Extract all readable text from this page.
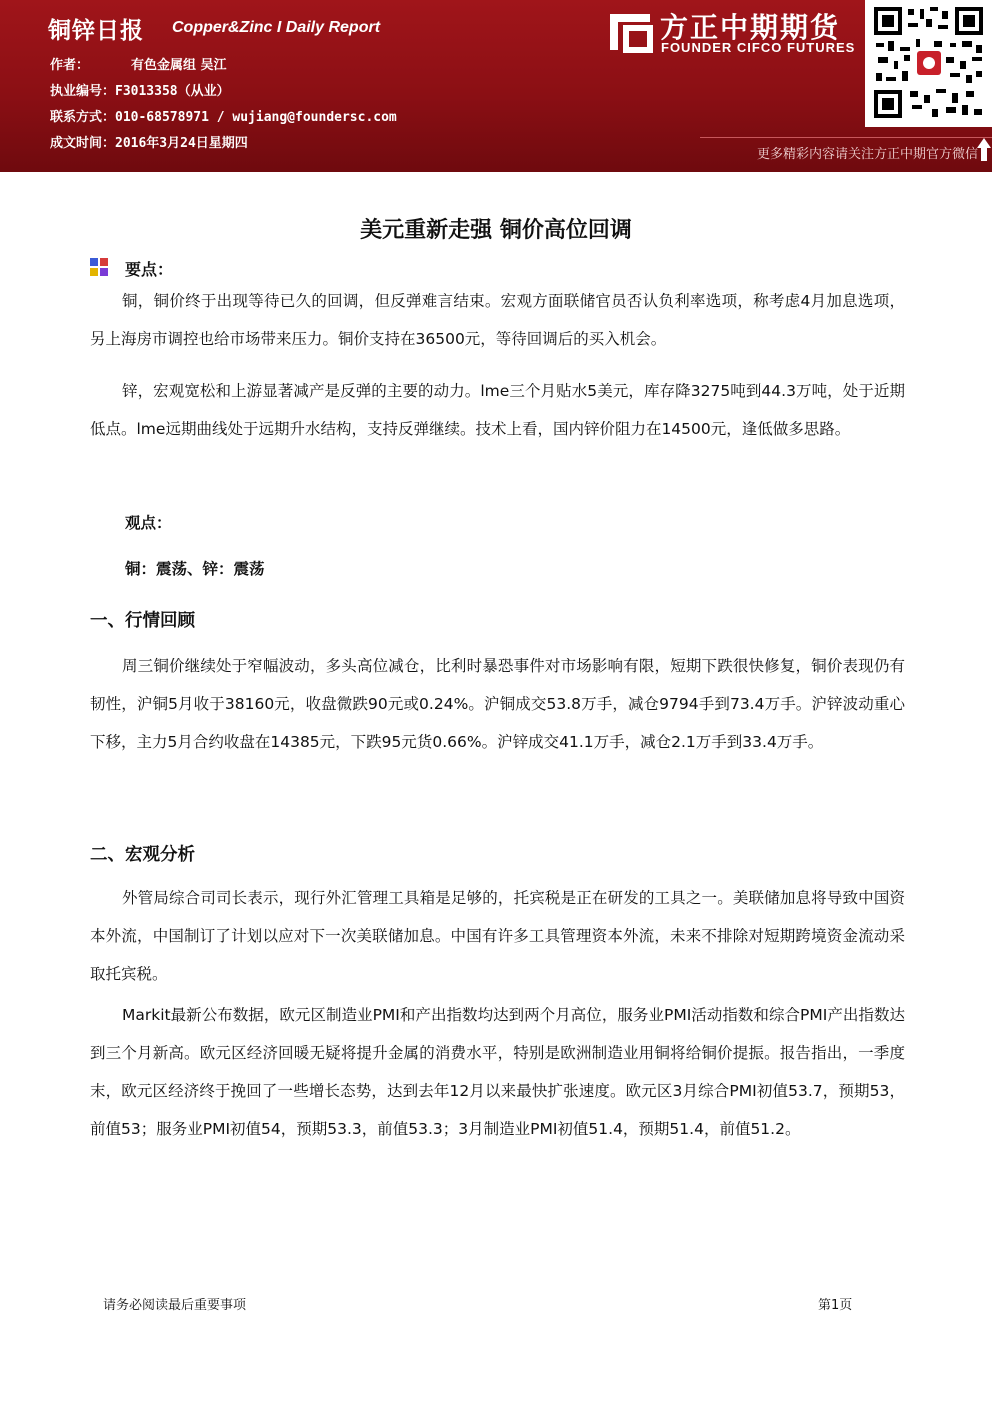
铜锌日报 Copper&Zinc I Daily Report
作者：	有色金属组 吴江
执业编号：F3013358（从业）
联系方式：010-68578971 / wujiang@foundersc.com
成文时间：2016年3月24日星期四
方正中期期货
FOUNDER CIFCO FUTURES
更多精彩内容请关注方正中期官方微信
美元重新走强 铜价高位回调
要点：

铜，铜价终于出现等待已久的回调，但反弹难言结束。宏观方面联储官员否认负利率选项，称考虑4月加息选项，另上海房市调控也给市场带来压力。铜价支持在36500元，等待回调后的买入机会。

锌，宏观宽松和上游显著减产是反弹的主要的动力。lme三个月贴水5美元，库存降3275吨到44.3万吨，处于近期低点。lme远期曲线处于远期升水结构，支持反弹继续。技术上看，国内锌价阻力在14500元，逢低做多思路。

观点：
铜：震荡、锌：震荡
一、行情回顾

周三铜价继续处于窄幅波动，多头高位减仓，比利时暴恐事件对市场影响有限，短期下跌很快修复，铜价表现仍有韧性，沪铜5月收于38160元，收盘微跌90元或0.24%。沪铜成交53.8万手，减仓9794手到73.4万手。沪锌波动重心下移，主力5月合约收盘在14385元，下跌95元货0.66%。沪锌成交41.1万手，减仓2.1万手到33.4万手。

二、宏观分析

外管局综合司司长表示，现行外汇管理工具箱是足够的，托宾税是正在研发的工具之一。美联储加息将导致中国资本外流，中国制订了计划以应对下一次美联储加息。中国有许多工具管理资本外流，未来不排除对短期跨境资金流动采取托宾税。

Markit最新公布数据，欧元区制造业PMI和产出指数均达到两个月高位，服务业PMI活动指数和综合PMI产出指数达到三个月新高。欧元区经济回暖无疑将提升金属的消费水平，特别是欧洲制造业用铜将给铜价提振。报告指出，一季度末，欧元区经济终于挽回了一些增长态势，达到去年12月以来最快扩张速度。欧元区3月综合PMI初值53.7，预期53，前值53；服务业PMI初值54，预期53.3，前值53.3；3月制造业PMI初值51.4，预期51.4，前值51.2。

请务必阅读最后重要事项	第1页
